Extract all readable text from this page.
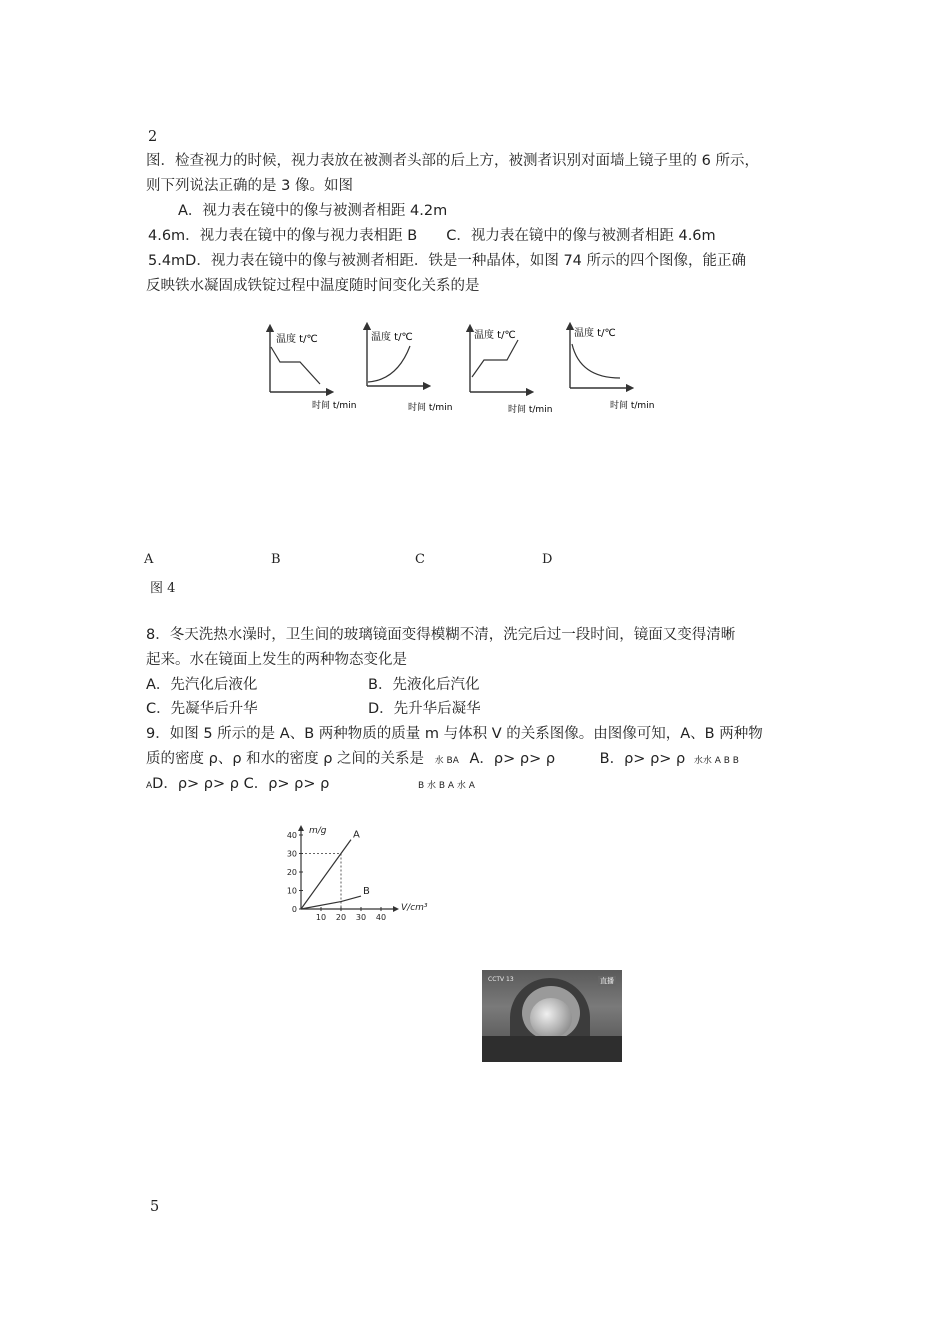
2
图．检查视力的时候，视力表放在被测者头部的后上方，被测者识别对面墙上镜子里的 6 所示，
则下列说法正确的是 3 像。如图
A．视力表在镜中的像与被测者相距 4.2m
4.6m．视力表在镜中的像与视力表相距 B　　C．视力表在镜中的像与被测者相距 4.6m
5.4mD．视力表在镜中的像与被测者相距．铁是一种晶体，如图 74 所示的四个图像，能正确
反映铁水凝固成铁锭过程中温度随时间变化关系的是
温度 t/℃
时间 t/min
温度 t/℃
时间 t/min
温度 t/℃
时间 t/min
温度 t/℃
时间 t/min
A	B	C	D
图 4
8．冬天洗热水澡时，卫生间的玻璃镜面变得模糊不清，洗完后过一段时间，镜面又变得清晰
起来。水在镜面上发生的两种物态变化是
A．先汽化后液化	B．先液化后汽化
C．先凝华后升华	D．先升华后凝华
9．如图 5 所示的是 A、B 两种物质的质量 m 与体积 V 的关系图像。由图像可知，A、B 两种物
质的密度 ρ、ρ 和水的密度 ρ 之间的关系是 水 BA A．ρ> ρ> ρ	B．ρ> ρ> ρ 水水 A B B
AD．ρ> ρ> ρ C．ρ> ρ> ρ	B 水 B A 水 A
0
10
20
30
40
10 20 30 40
m/g
V/cm³
A
B
CCTV 13	直播
5
